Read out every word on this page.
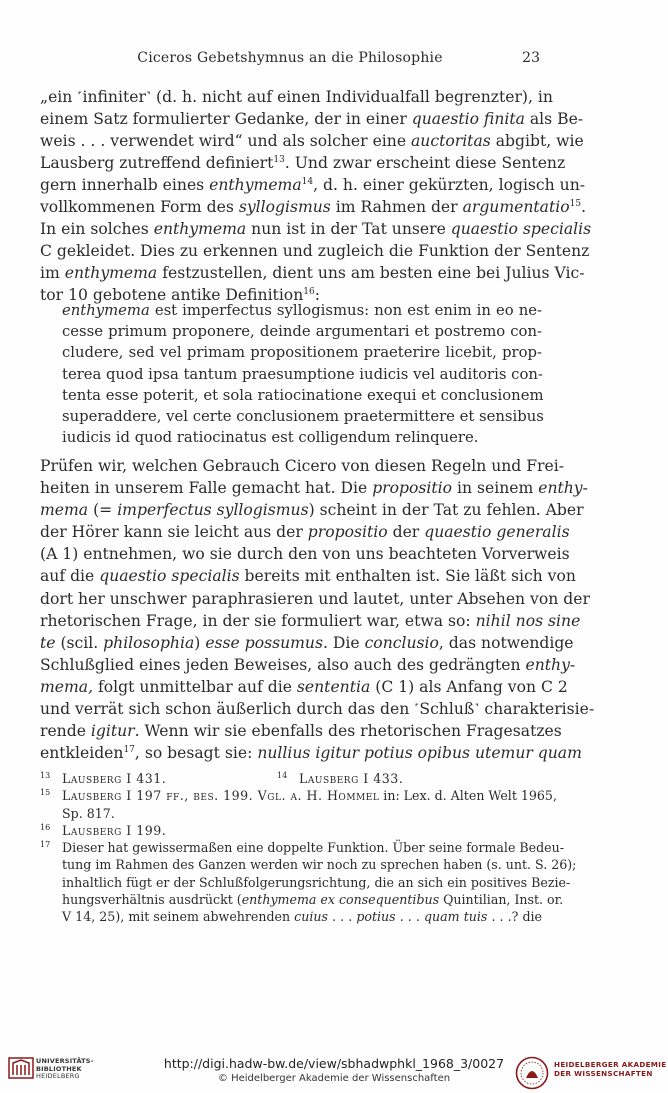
Ciceros Gebetshymnus an die Philosophie	23
„ein ˹infiniter˺ (d. h. nicht auf einen Individualfall begrenzter), in
einem Satz formulierter Gedanke, der in einer quaestio finita als Be-
weis . . . verwendet wird“ und als solcher eine auctoritas abgibt, wie
Lausberg zutreffend definiert$^{13}$. Und zwar erscheint diese Sentenz
gern innerhalb eines enthymema$^{14}$, d. h. einer gekürzten, logisch un-
vollkommenen Form des syllogismus im Rahmen der argumentatio$^{15}$.
In ein solches enthymema nun ist in der Tat unsere quaestio specialis
C gekleidet. Dies zu erkennen und zugleich die Funktion der Sentenz
im enthymema festzustellen, dient uns am besten eine bei Julius Vic-
tor 10 gebotene antike Definition$^{16}$:
enthymema est imperfectus syllogismus: non est enim in eo ne-
cesse primum proponere, deinde argumentari et postremo con-
cludere, sed vel primam propositionem praeterire licebit, prop-
terea quod ipsa tantum praesumptione iudicis vel auditoris con-
tenta esse poterit, et sola ratiocinatione exequi et conclusionem
superaddere, vel certe conclusionem praetermittere et sensibus
iudicis id quod ratiocinatus est colligendum relinquere.
Prüfen wir, welchen Gebrauch Cicero von diesen Regeln und Frei-
heiten in unserem Falle gemacht hat. Die propositio in seinem enthy-
mema (= imperfectus syllogismus) scheint in der Tat zu fehlen. Aber
der Hörer kann sie leicht aus der propositio der quaestio generalis
(A 1) entnehmen, wo sie durch den von uns beachteten Vorverweis
auf die quaestio specialis bereits mit enthalten ist. Sie läßt sich von
dort her unschwer paraphrasieren und lautet, unter Absehen von der
rhetorischen Frage, in der sie formuliert war, etwa so: nihil nos sine
te (scil. philosophia) esse possumus. Die conclusio, das notwendige
Schlußglied eines jeden Beweises, also auch des gedrängten enthy-
mema, folgt unmittelbar auf die sententia (C 1) als Anfang von C 2
und verrät sich schon äußerlich durch das den ˹Schluß˺ charakterisie-
rende igitur. Wenn wir sie ebenfalls des rhetorischen Fragesatzes
entkleiden$^{17}$, so besagt sie: nullius igitur potius opibus utemur quam
13 Lausberg I 431.	14 Lausberg I 433.
15 Lausberg I 197 ff., bes. 199. Vgl. a. H. Hommel in: Lex. d. Alten Welt 1965,
Sp. 817.
16 Lausberg I 199.
17 Dieser hat gewissermaßen eine doppelte Funktion. Über seine formale Bedeu-
tung im Rahmen des Ganzen werden wir noch zu sprechen haben (s. unt. S. 26);
inhaltlich fügt er der Schlußfolgerungsrichtung, die an sich ein positives Bezie-
hungsverhältnis ausdrückt (enthymema ex consequentibus Quintilian, Inst. or.
V 14, 25), mit seinem abwehrenden cuius . . . potius . . . quam tuis . . .? die
UNIVERSITÄTS-
BIBLIOTHEK
HEIDELBERG
http://digi.hadw-bw.de/view/sbhadwphkl_1968_3/0027
© Heidelberger Akademie der Wissenschaften
HEIDELBERGER AKADEMIE
DER WISSENSCHAFTEN
